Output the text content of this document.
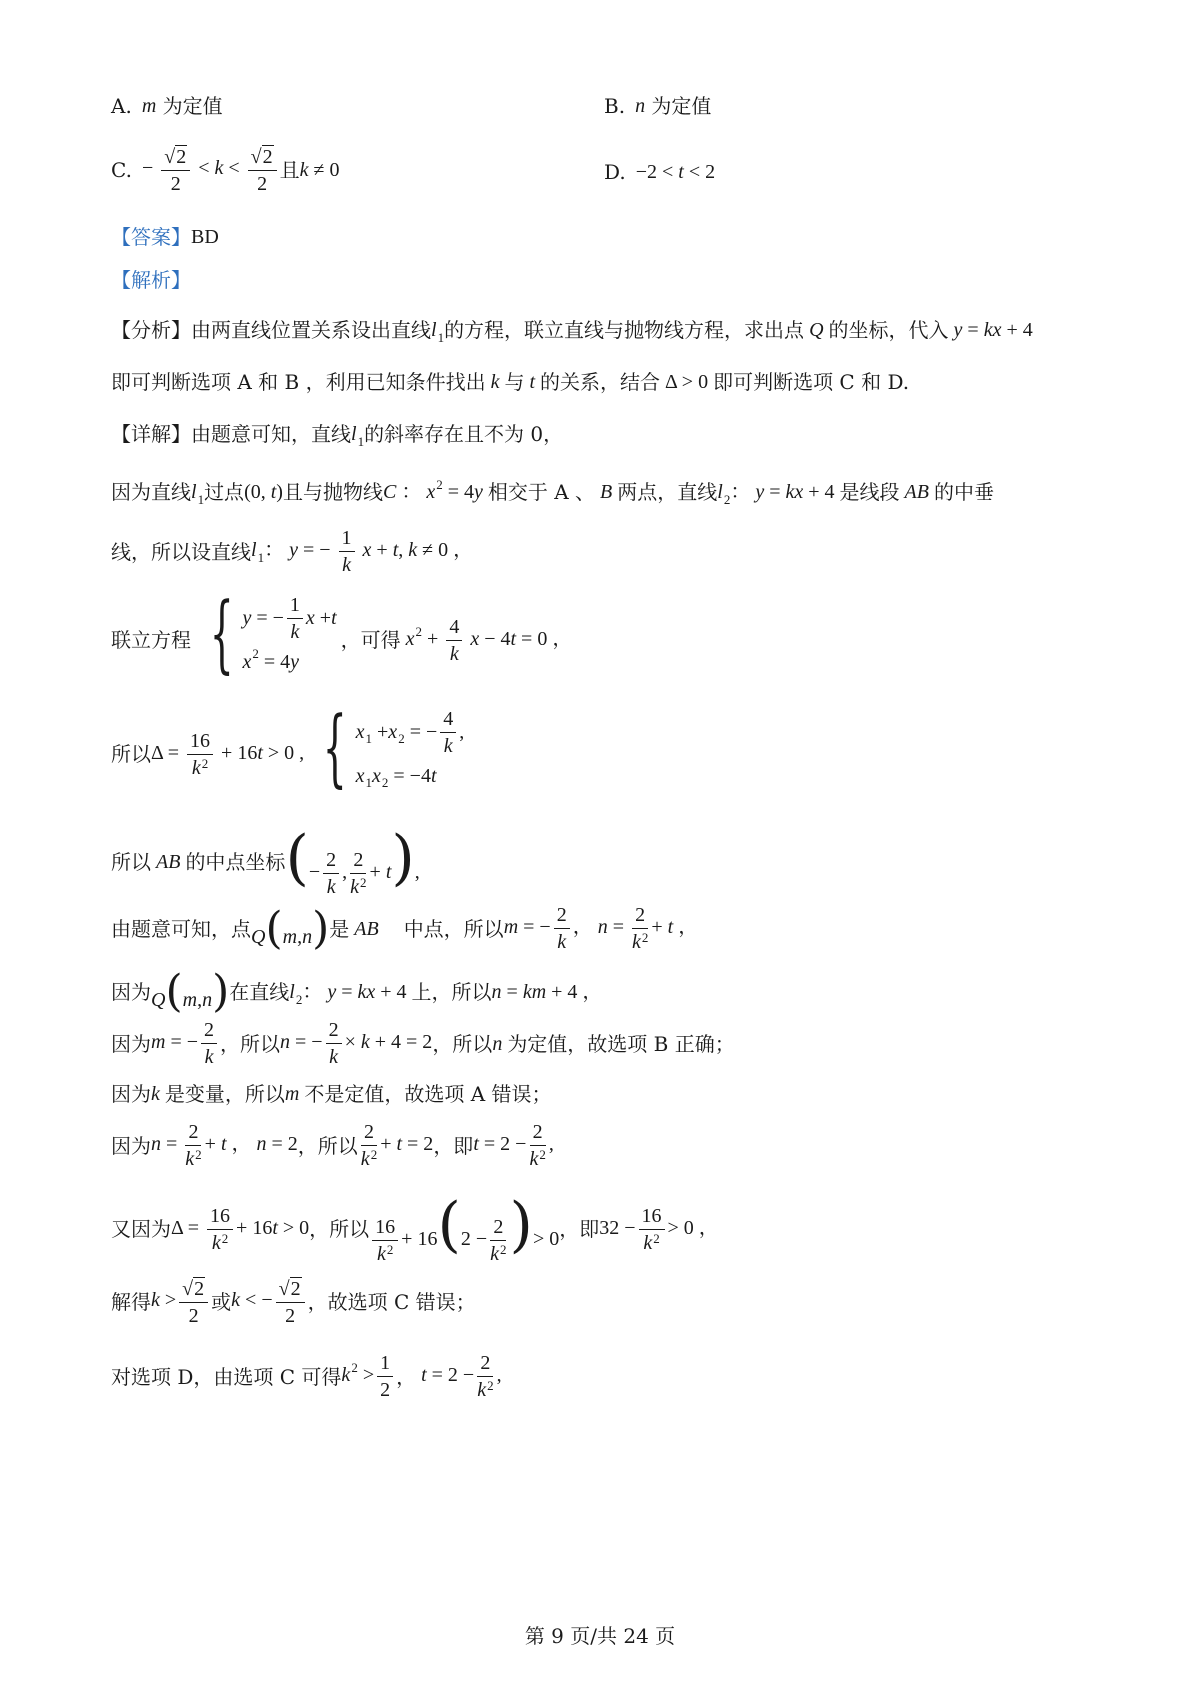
A. m
为定值	B. n
为定值
C. − $\frac{√ 2}{2} < k < \frac{√ 2}{2}$ 且 k ≠ 0	D. −2 < t < 2
【答案】 BD
【解析】
【分析】 由两直线位置关系设出直线 $l_1$ 的方程，联立直线与抛物线方程，求出点 Q 的坐标，代入 y = kx + 4
即可判断选项 A 和 B ，利用已知条件找出 k 与 t 的关系，结合 Δ > 0 即可判断选项 C 和 D.
【详解】 由题意可知，直线 $l_1$ 的斜率存在且不为 0，
因为直线 $l_1$ 过点 (0, t) 且与抛物线 C ： $x^2 = 4y$ 相交于 A 、 B 两点，直线 $l_2$： y = kx + 4 是线段 AB 的中垂
线，所以设直线 $l_1$： y = − $\frac{1}{k}$ x + t, k ≠ 0 ，
联立方程 { y = − $\frac{1}{k}$ x + t
x 2 = 4 y
，可得 $x^2 + \frac{4}{k}$ x − 4t = 0 ，
所以 $\Delta = \frac{16}{k^2} + 16t > 0$ , { x 1 + x 2 = − $\frac{4}{k}$ ,
x 1 x 2 = −4 t
所以 AB 的中点坐标 (− $\frac{2}{k}$ , $\frac{2}{k^2} + t$),
由题意可知，点 Q(m,n) 是 AB 中点，所以 m = − $\frac{2}{k}$ ， $n = \frac{2}{k^2} + t$ ，
因为 Q(m,n) 在直线 $l_2$： y = kx + 4 上，所以 n = km + 4 ，
因为 m = − $\frac{2}{k}$ ，所以 n = − $\frac{2}{k} \times k + 4 = 2$ ，所以 n 为定值，故选项 B 正确；
因为 k 是变量，所以 m 不是定值，故选项 A 错误；
因为 $n = \frac{2}{k^2} + t$ ， n = 2 ，所以 $\frac{2}{k^2} + t = 2$ ，即 $t = 2 - \frac{2}{k^2}$ ,
又因为 $\Delta = \frac{16}{k^2} + 16t > 0$ ，所以 $\frac{16}{k^2} + 16(2 - \frac{2}{k^2}$ )> 0 ，即 $32 - \frac{16}{k^2} > 0$ ，
解得 $k > \frac{√ 2}{2}$ 或 k < − $\frac{√ 2}{2}$ ，故选项 C 错误；
对选项 D，由选项 C 可得 $k^2 > \frac{1}{2}$ ， $t = 2 - \frac{2}{k^2}$ ,
第 9 页/共 24 页
